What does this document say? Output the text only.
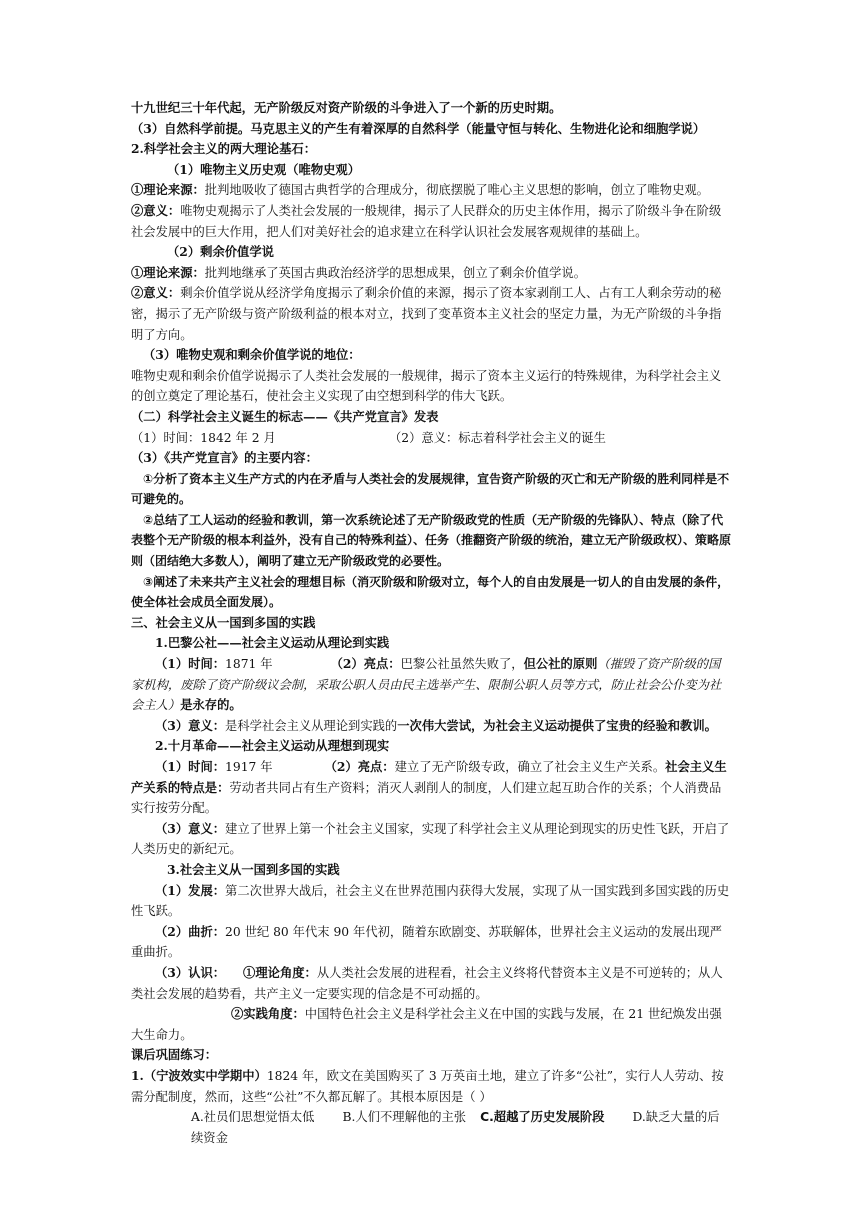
十九世纪三十年代起，无产阶级反对资产阶级的斗争进入了一个新的历史时期。

（3）自然科学前提。马克思主义的产生有着深厚的自然科学（能量守恒与转化、生物进化论和细胞学说）

2.科学社会主义的两大理论基石：

（1）唯物主义历史观（唯物史观）

①理论来源：批判地吸收了德国古典哲学的合理成分，彻底摆脱了唯心主义思想的影响，创立了唯物史观。

②意义：唯物史观揭示了人类社会发展的一般规律，揭示了人民群众的历史主体作用，揭示了阶级斗争在阶级社会发展中的巨大作用，把人们对美好社会的追求建立在科学认识社会发展客观规律的基础上。

（2）剩余价值学说

①理论来源：批判地继承了英国古典政治经济学的思想成果，创立了剩余价值学说。

②意义：剩余价值学说从经济学角度揭示了剩余价值的来源，揭示了资本家剥削工人、占有工人剩余劳动的秘密，揭示了无产阶级与资产阶级利益的根本对立，找到了变革资本主义社会的坚定力量，为无产阶级的斗争指明了方向。

（3）唯物史观和剩余价值学说的地位：

唯物史观和剩余价值学说揭示了人类社会发展的一般规律，揭示了资本主义运行的特殊规律，为科学社会主义的创立奠定了理论基石，使社会主义实现了由空想到科学的伟大飞跃。

（二）科学社会主义诞生的标志——《共产党宣言》发表

（1）时间：1842 年 2 月	（2）意义：标志着科学社会主义的诞生

（3）《共产党宣言》的主要内容：

①分析了资本主义生产方式的内在矛盾与人类社会的发展规律，宣告资产阶级的灭亡和无产阶级的胜利同样是不可避免的。

②总结了工人运动的经验和教训，第一次系统论述了无产阶级政党的性质（无产阶级的先锋队）、特点（除了代表整个无产阶级的根本利益外，没有自己的特殊利益）、任务（推翻资产阶级的统治，建立无产阶级政权）、策略原则（团结绝大多数人），阐明了建立无产阶级政党的必要性。

③阐述了未来共产主义社会的理想目标（消灭阶级和阶级对立，每个人的自由发展是一切人的自由发展的条件，使全体社会成员全面发展）。

三、社会主义从一国到多国的实践

1.巴黎公社——社会主义运动从理论到实践

（1）时间：1871 年	（2）亮点：巴黎公社虽然失败了，但公社的原则（摧毁了资产阶级的国家机构，废除了资产阶级议会制，采取公职人员由民主选举产生、限制公职人员等方式，防止社会公仆变为社会主人）是永存的。

（3）意义：是科学社会主义从理论到实践的一次伟大尝试，为社会主义运动提供了宝贵的经验和教训。

2.十月革命——社会主义运动从理想到现实

（1）时间：1917 年	（2）亮点：建立了无产阶级专政，确立了社会主义生产关系。社会主义生产关系的特点是：劳动者共同占有生产资料；消灭人剥削人的制度，人们建立起互助合作的关系；个人消费品实行按劳分配。

（3）意义：建立了世界上第一个社会主义国家，实现了科学社会主义从理论到现实的历史性飞跃，开启了人类历史的新纪元。

3.社会主义从一国到多国的实践

（1）发展：第二次世界大战后，社会主义在世界范围内获得大发展，实现了从一国实践到多国实践的历史性飞跃。

（2）曲折：20 世纪 80 年代末 90 年代初，随着东欧剧变、苏联解体，世界社会主义运动的发展出现严重曲折。

（3）认识： ①理论角度：从人类社会发展的进程看，社会主义终将代替资本主义是不可逆转的；从人类社会发展的趋势看，共产主义一定要实现的信念是不可动摇的。

②实践角度：中国特色社会主义是科学社会主义在中国的实践与发展，在 21 世纪焕发出强大生命力。

课后巩固练习：

1.（宁波效实中学期中）1824 年，欧文在美国购买了 3 万英亩土地，建立了许多“公社”，实行人人劳动、按需分配制度，然而，这些“公社”不久都瓦解了。其根本原因是（ ）

A.社员们思想觉悟太低 B.人们不理解他的主张 C.超越了历史发展阶段 D.缺乏大量的后续资金
